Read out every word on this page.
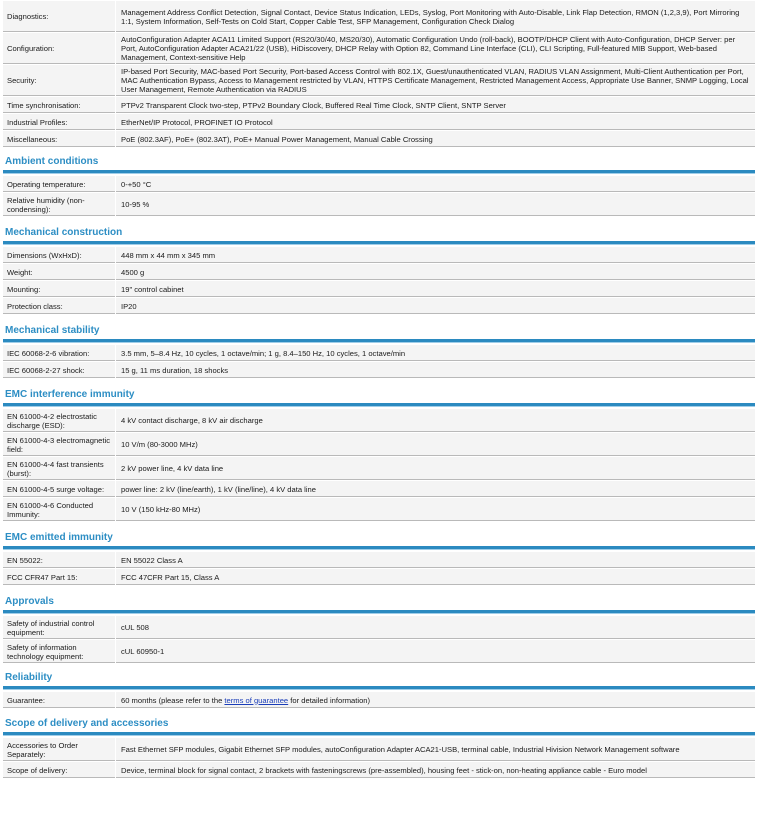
Diagnostics:	Management Address Conflict Detection, Signal Contact, Device Status Indication, LEDs, Syslog, Port Monitoring with Auto-Disable, Link Flap Detection, RMON (1,2,3,9), Port Mirroring 1:1, System Information, Self-Tests on Cold Start, Copper Cable Test, SFP Management, Configuration Check Dialog
Configuration:	AutoConfiguration Adapter ACA11 Limited Support (RS20/30/40, MS20/30), Automatic Configuration Undo (roll-back), BOOTP/DHCP Client with Auto-Configuration, DHCP Server: per Port, AutoConfiguration Adapter ACA21/22 (USB), HiDiscovery, DHCP Relay with Option 82, Command Line Interface (CLI), CLI Scripting, Full-featured MIB Support, Web-based Management, Context-sensitive Help
Security:	IP-based Port Security, MAC-based Port Security, Port-based Access Control with 802.1X, Guest/unauthenticated VLAN, RADIUS VLAN Assignment, Multi-Client Authentication per Port, MAC Authentication Bypass, Access to Management restricted by VLAN, HTTPS Certificate Management, Restricted Management Access, Appropriate Use Banner, SNMP Logging, Local User Management, Remote Authentication via RADIUS
Time synchronisation:	PTPv2 Transparent Clock two-step, PTPv2 Boundary Clock, Buffered Real Time Clock, SNTP Client, SNTP Server
Industrial Profiles:	EtherNet/IP Protocol, PROFINET IO Protocol
Miscellaneous:	PoE (802.3AF), PoE+ (802.3AT), PoE+ Manual Power Management, Manual Cable Crossing
Ambient conditions
Operating temperature:	0-+50 °C
Relative humidity (non-condensing):	10-95 %
Mechanical construction
Dimensions (WxHxD):	448 mm x 44 mm x 345 mm
Weight:	4500 g
Mounting:	19" control cabinet
Protection class:	IP20
Mechanical stability
IEC 60068-2-6 vibration:	3.5 mm, 5–8.4 Hz, 10 cycles, 1 octave/min; 1 g, 8.4–150 Hz, 10 cycles, 1 octave/min
IEC 60068-2-27 shock:	15 g, 11 ms duration, 18 shocks
EMC interference immunity
EN 61000-4-2 electrostatic discharge (ESD):	4 kV contact discharge, 8 kV air discharge
EN 61000-4-3 electromagnetic field:	10 V/m (80-3000 MHz)
EN 61000-4-4 fast transients (burst):	2 kV power line, 4 kV data line
EN 61000-4-5 surge voltage:	power line: 2 kV (line/earth), 1 kV (line/line), 4 kV data line
EN 61000-4-6 Conducted Immunity:	10 V (150 kHz-80 MHz)
EMC emitted immunity
EN 55022:	EN 55022 Class A
FCC CFR47 Part 15:	FCC 47CFR Part 15, Class A
Approvals
Safety of industrial control equipment:	cUL 508
Safety of information technology equipment:	cUL 60950-1
Reliability
Guarantee:	60 months (please refer to the terms of guarantee for detailed information)
Scope of delivery and accessories
Accessories to Order Separately:	Fast Ethernet SFP modules, Gigabit Ethernet SFP modules, autoConfiguration Adapter ACA21-USB, terminal cable, Industrial Hivision Network Management software
Scope of delivery:	Device, terminal block for signal contact, 2 brackets with fasteningscrews (pre-assembled), housing feet - stick-on, non-heating appliance cable - Euro model
